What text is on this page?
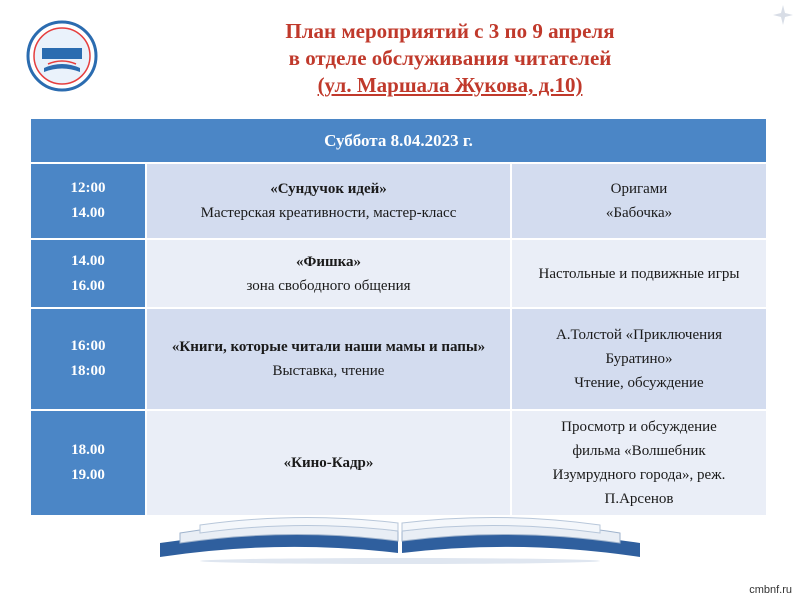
План мероприятий с 3 по 9 апреля
в отделе обслуживания читателей
(ул. Маршала Жукова, д.10)
Суббота 8.04.2023 г.
12:00
14.00
«Сундучок идей»
Мастерская креативности, мастер-класс
Оригами
«Бабочка»
14.00
16.00
«Фишка»
зона свободного общения
Настольные и подвижные игры
16:00
18:00
«Книги, которые читали наши мамы и папы»
Выставка, чтение
А.Толстой «Приключения
Буратино»
Чтение, обсуждение
18.00
19.00
«Кино-Кадр»
Просмотр и обсуждение
фильма «Волшебник
Изумрудного города», реж.
П.Арсенов
cmbnf.ru
